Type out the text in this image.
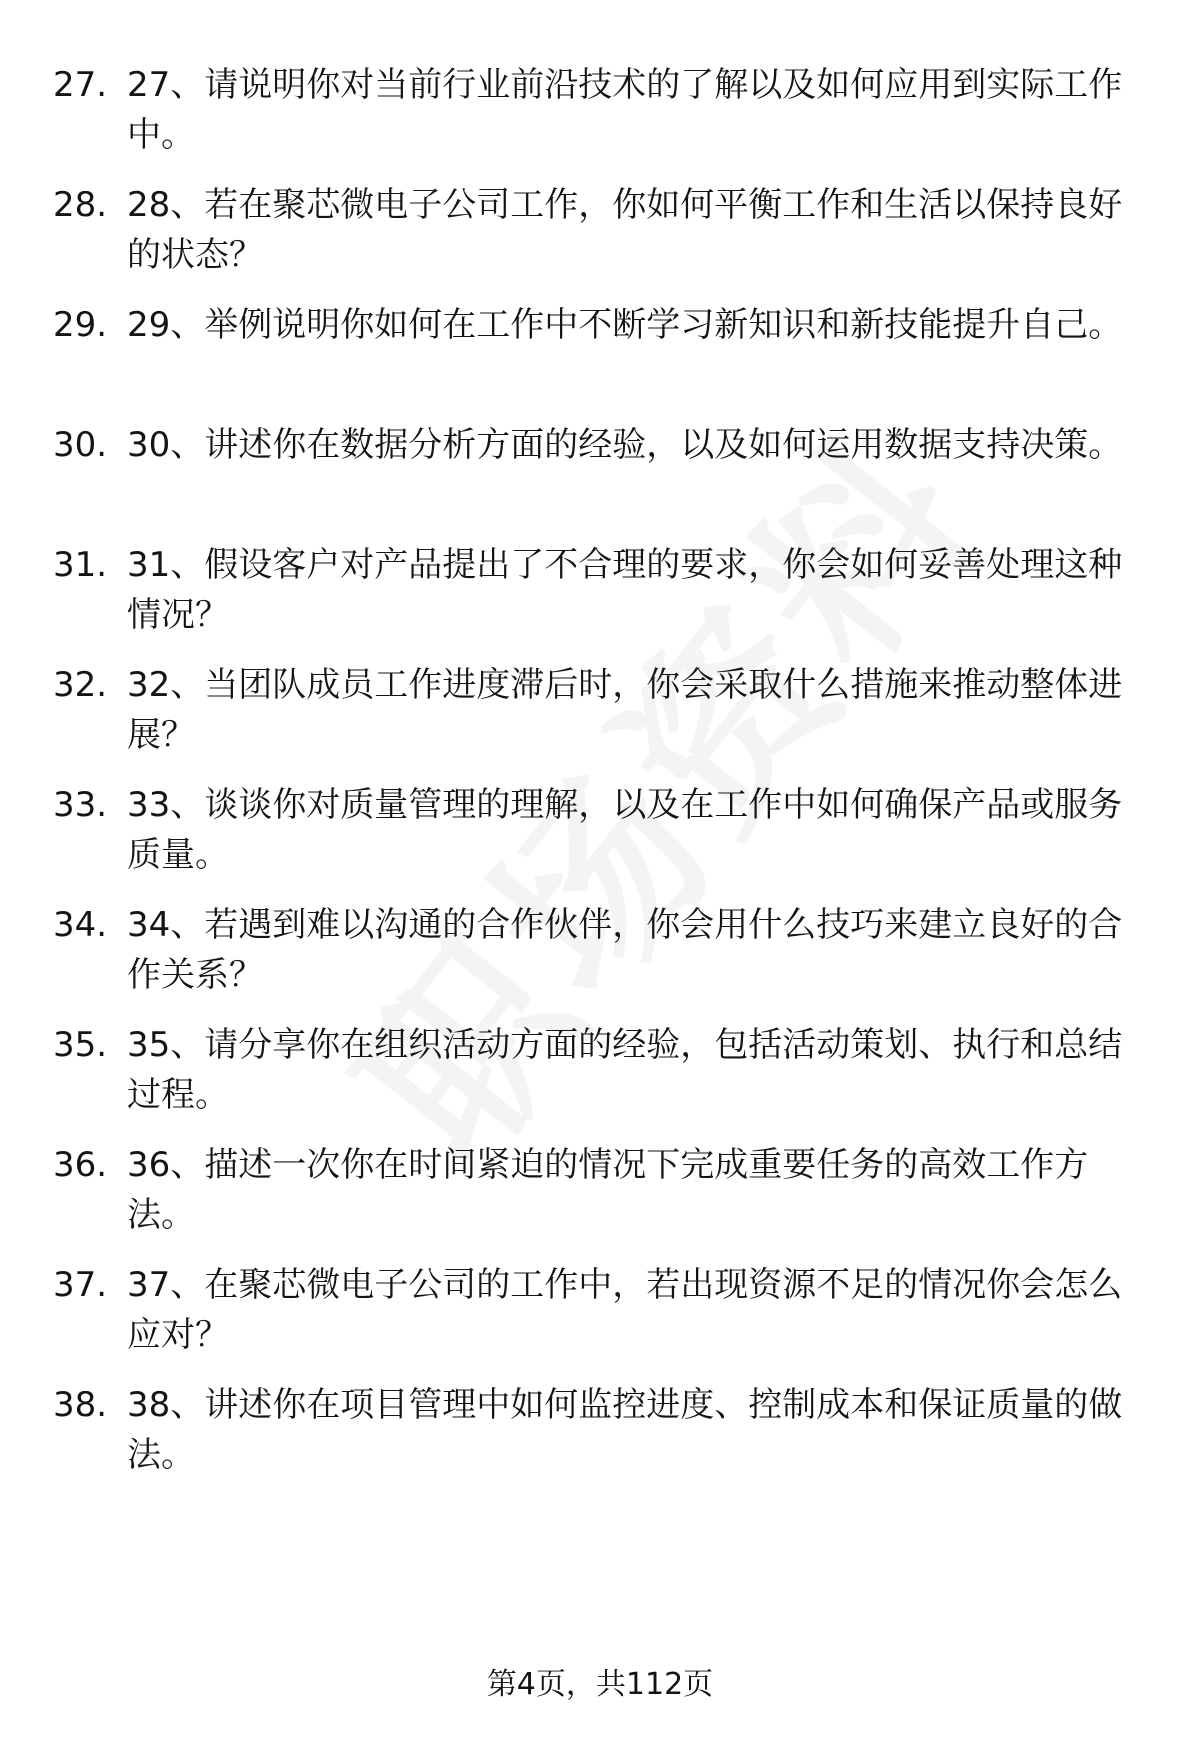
27. 27、请说明你对当前行业前沿技术的了解以及如何应用到实际工作中。
28. 28、若在聚芯微电子公司工作，你如何平衡工作和生活以保持良好的状态？
29. 29、举例说明你如何在工作中不断学习新知识和新技能提升自己。
30. 30、讲述你在数据分析方面的经验，以及如何运用数据支持决策。
31. 31、假设客户对产品提出了不合理的要求，你会如何妥善处理这种情况？
32. 32、当团队成员工作进度滞后时，你会采取什么措施来推动整体进展？
33. 33、谈谈你对质量管理的理解，以及在工作中如何确保产品或服务质量。
34. 34、若遇到难以沟通的合作伙伴，你会用什么技巧来建立良好的合作关系？
35. 35、请分享你在组织活动方面的经验，包括活动策划、执行和总结过程。
36. 36、描述一次你在时间紧迫的情况下完成重要任务的高效工作方法。
37. 37、在聚芯微电子公司的工作中，若出现资源不足的情况你会怎么应对？
38. 38、讲述你在项目管理中如何监控进度、控制成本和保证质量的做法。
第4页，共112页
